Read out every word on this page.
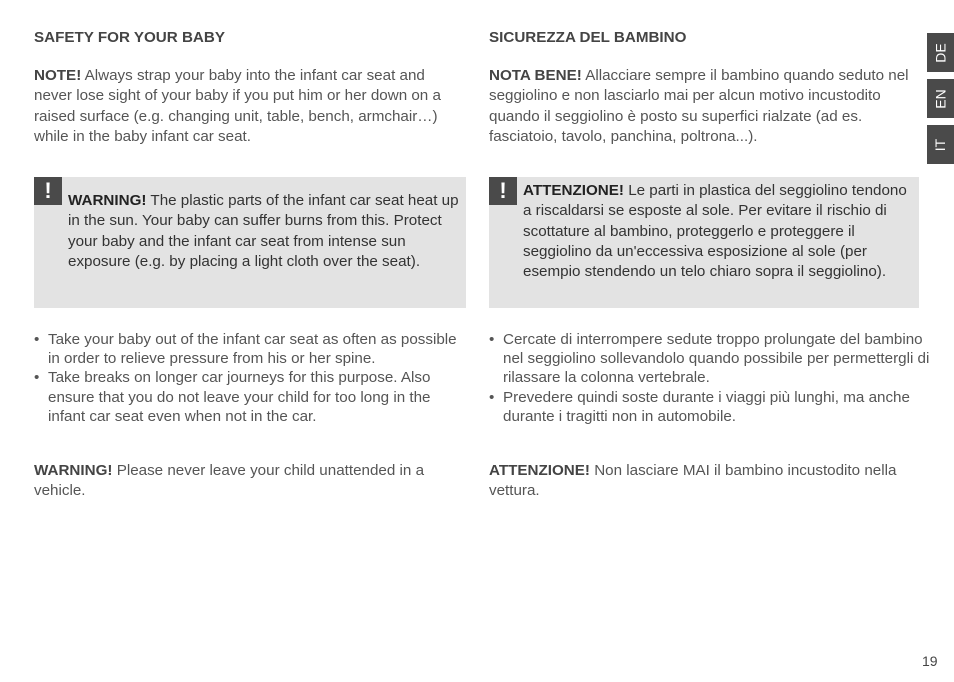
SAFETY FOR YOUR BABY

NOTE! Always strap your baby into the infant car seat and never lose sight of your baby if you put him or her down on a raised surface (e.g. changing unit, table, bench, armchair…) while in the baby infant car seat.

!	WARNING! The plastic parts of the infant car seat heat up in the sun. Your baby can suffer burns from this. Protect your baby and the infant car seat from intense sun exposure (e.g. by placing a light cloth over the seat).

• Take your baby out of the infant car seat as often as possible in order to relieve pressure from his or her spine.
• Take breaks on longer car journeys for this purpose. Also ensure that you do not leave your child for too long in the infant car seat even when not in the car.

WARNING! Please never leave your child unattended in a vehicle.

SICUREZZA DEL BAMBINO

NOTA BENE! Allacciare sempre il bambino quando seduto nel seggiolino e non lasciarlo mai per alcun motivo incustodito quando il seggiolino è posto su superfici rialzate (ad es. fasciatoio, tavolo, panchina, poltrona...).

!	ATTENZIONE! Le parti in plastica del seggiolino tendono a riscaldarsi se esposte al sole. Per evitare il rischio di scottature al bambino, proteggerlo e proteggere il seggiolino da un'eccessiva esposizione al sole (per esempio stendendo un telo chiaro sopra il seggiolino).

• Cercate di interrompere sedute troppo prolungate del bambino nel seggiolino sollevandolo quando possibile per permettergli di rilassare la colonna vertebrale.
• Prevedere quindi soste durante i viaggi più lunghi, ma anche durante i tragitti non in automobile.

ATTENZIONE! Non lasciare MAI il bambino incustodito nella vettura.

DE
EN
IT
19
